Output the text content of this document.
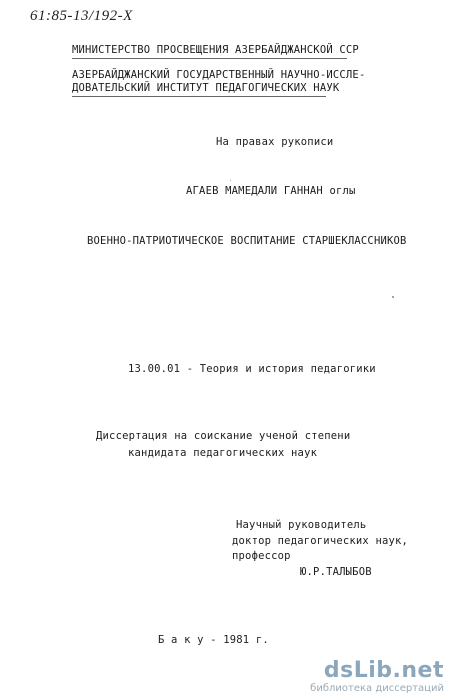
61:85-13/192-X
МИНИСТЕРСТВО ПРОСВЕЩЕНИЯ АЗЕРБАЙДЖАНСКОЙ ССР
АЗЕРБАЙДЖАНСКИЙ ГОСУДАРСТВЕННЫЙ НАУЧНО-ИССЛЕ-
ДОВАТЕЛЬСКИЙ ИНСТИТУТ ПЕДАГОГИЧЕСКИХ НАУК
На правах рукописи
АГАЕВ МАМЕДАЛИ ГАННАН оглы
ВОЕННО-ПАТРИОТИЧЕСКОЕ ВОСПИТАНИЕ СТАРШЕКЛАССНИКОВ
13.00.01 - Теория и история педагогики
Диссертация на соискание ученой степени
кандидата педагогических наук
Научный руководитель
доктор педагогических наук,
профессор
Ю.Р.ТАЛЫБОВ
Б а к у - 1981 г.
dsLib.net
библиотека диссертаций
